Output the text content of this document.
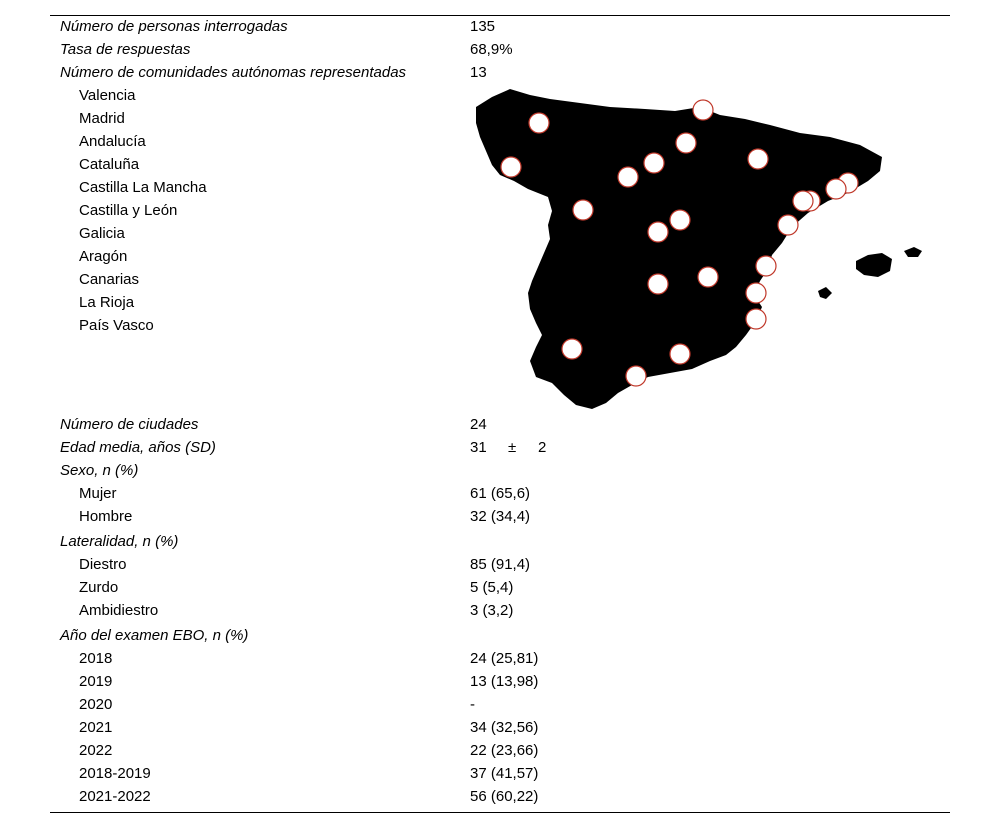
Número de personas interrogadas	135
Tasa de respuestas	68,9%
Número de comunidades autónomas representadas	13
Valencia
Madrid
Andalucía
Cataluña
Castilla La Mancha
Castilla y León
Galicia
Aragón
Canarias
La Rioja
País Vasco
Número de ciudades	24
Edad media, años (SD)	31 ± 2
Sexo, n (%)
Mujer	61 (65,6)
Hombre	32 (34,4)
Lateralidad, n (%)
Diestro	85 (91,4)
Zurdo	5 (5,4)
Ambidiestro	3 (3,2)
Año del examen EBO, n (%)
2018	24 (25,81)
2019	13 (13,98)
2020	-
2021	34 (32,56)
2022	22 (23,66)
2018-2019	37 (41,57)
2021-2022	56 (60,22)
